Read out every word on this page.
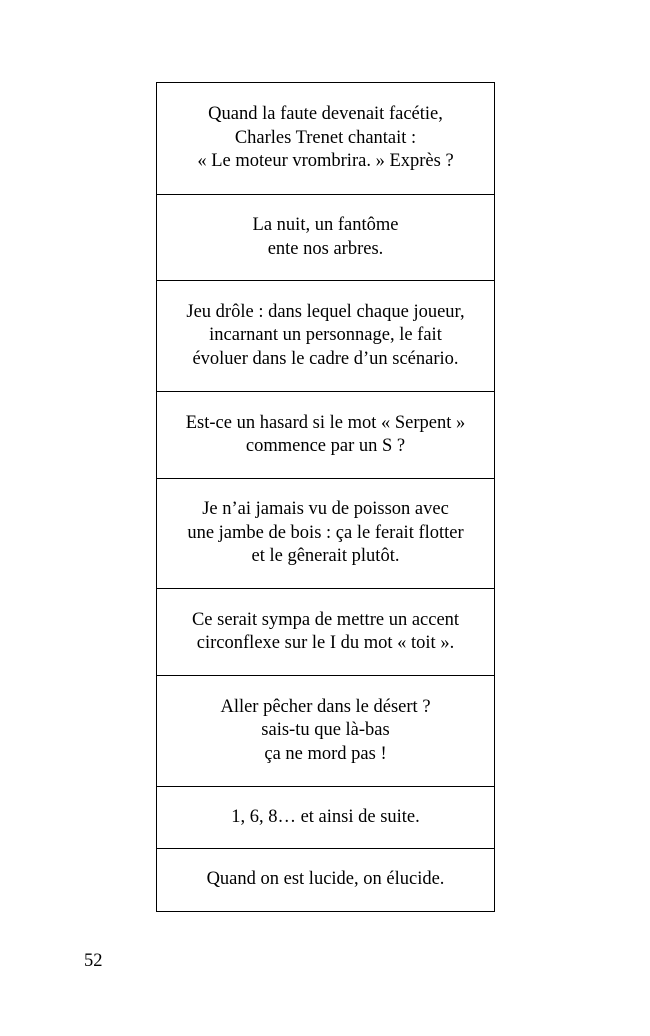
Quand la faute devenait facétie,
Charles Trenet chantait :
« Le moteur vrombrira. » Exprès ?
La nuit, un fantôme
ente nos arbres.
Jeu drôle : dans lequel chaque joueur,
incarnant un personnage, le fait
évoluer dans le cadre d’un scénario.
Est-ce un hasard si le mot « Serpent »
commence par un S ?
Je n’ai jamais vu de poisson avec
une jambe de bois : ça le ferait flotter
et le gênerait plutôt.
Ce serait sympa de mettre un accent
circonflexe sur le I du mot « toit ».
Aller pêcher dans le désert ?
sais-tu que là-bas
ça ne mord pas !
1, 6, 8… et ainsi de suite.
Quand on est lucide, on élucide.
52
